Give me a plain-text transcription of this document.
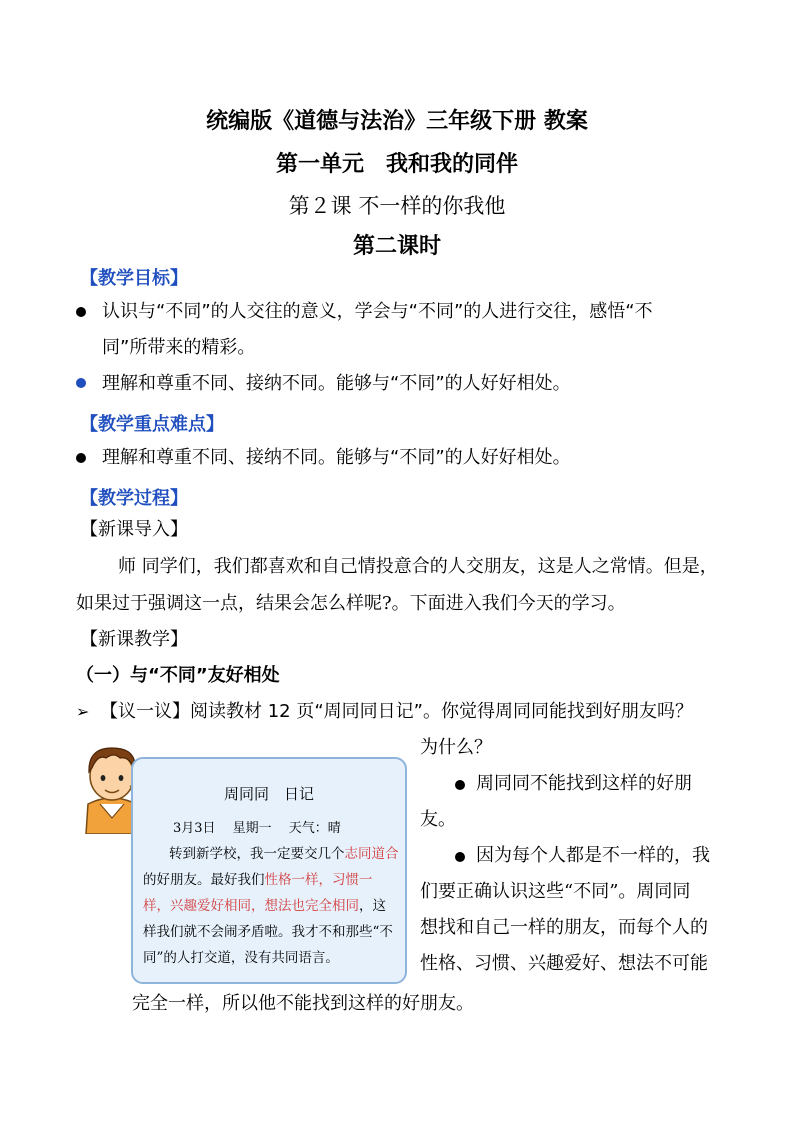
统编版《道德与法治》三年级下册 教案
第一单元　我和我的同伴
第２课 不一样的你我他
第二课时
【教学目标】
认识与“不同”的人交往的意义，学会与“不同”的人进行交往，感悟“不
同”所带来的精彩。
理解和尊重不同、接纳不同。能够与“不同”的人好好相处。
【教学重点难点】
理解和尊重不同、接纳不同。能够与“不同”的人好好相处。
【教学过程】
【新课导入】
师 同学们，我们都喜欢和自己情投意合的人交朋友，这是人之常情。但是，
如果过于强调这一点，结果会怎么样呢?。下面进入我们今天的学习。
【新课教学】
（一）与“不同”友好相处
➢ 【议一议】阅读教材 12 页“周同同日记”。你觉得周同同能找到好朋友吗？
为什么？
周同同　日记
3月3日　 星期一　 天气：晴
转到新学校，我一定要交几个志同道合的好朋友。最好我们性格一样，习惯一样，兴趣爱好相同，想法也完全相同，这样我们就不会闹矛盾啦。我才不和那些“不同”的人打交道，没有共同语言。
周同同不能找到这样的好朋
友。
因为每个人都是不一样的，我
们要正确认识这些“不同”。周同同
想找和自己一样的朋友，而每个人的
性格、习惯、兴趣爱好、想法不可能
完全一样，所以他不能找到这样的好朋友。
